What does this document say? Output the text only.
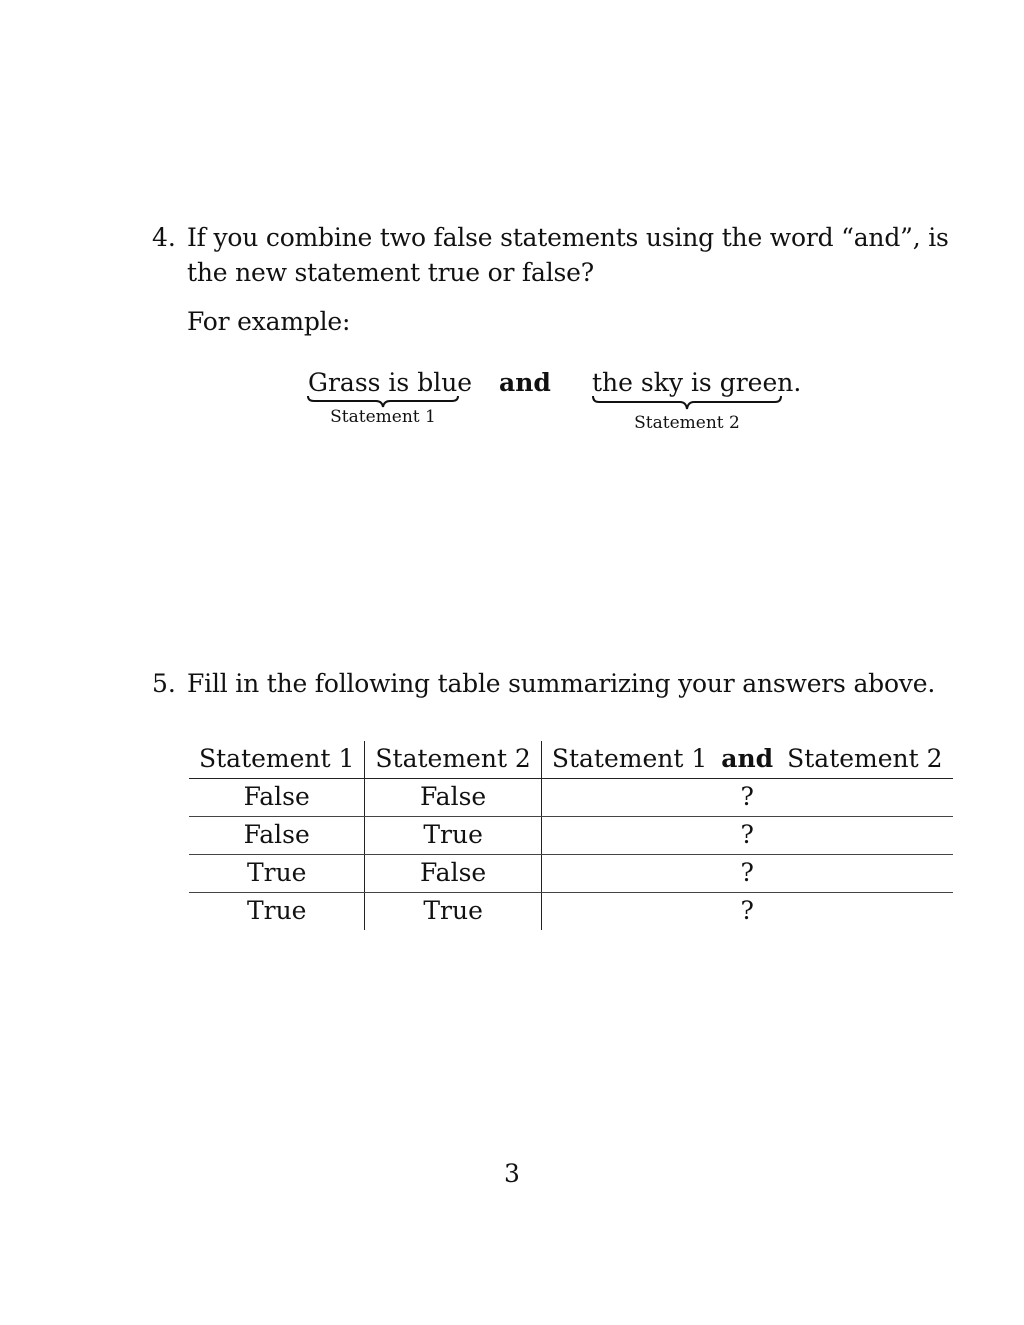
4. If you combine two false statements using the word “and”, is
the new statement true or false?
For example:
Grass is blue and the sky is green.
Statement 1	Statement 2
5. Fill in the following table summarizing your answers above.
Statement 1	Statement 2	Statement 1 and Statement 2
False	False	?
False	True	?
True	False	?
True	True	?
3
